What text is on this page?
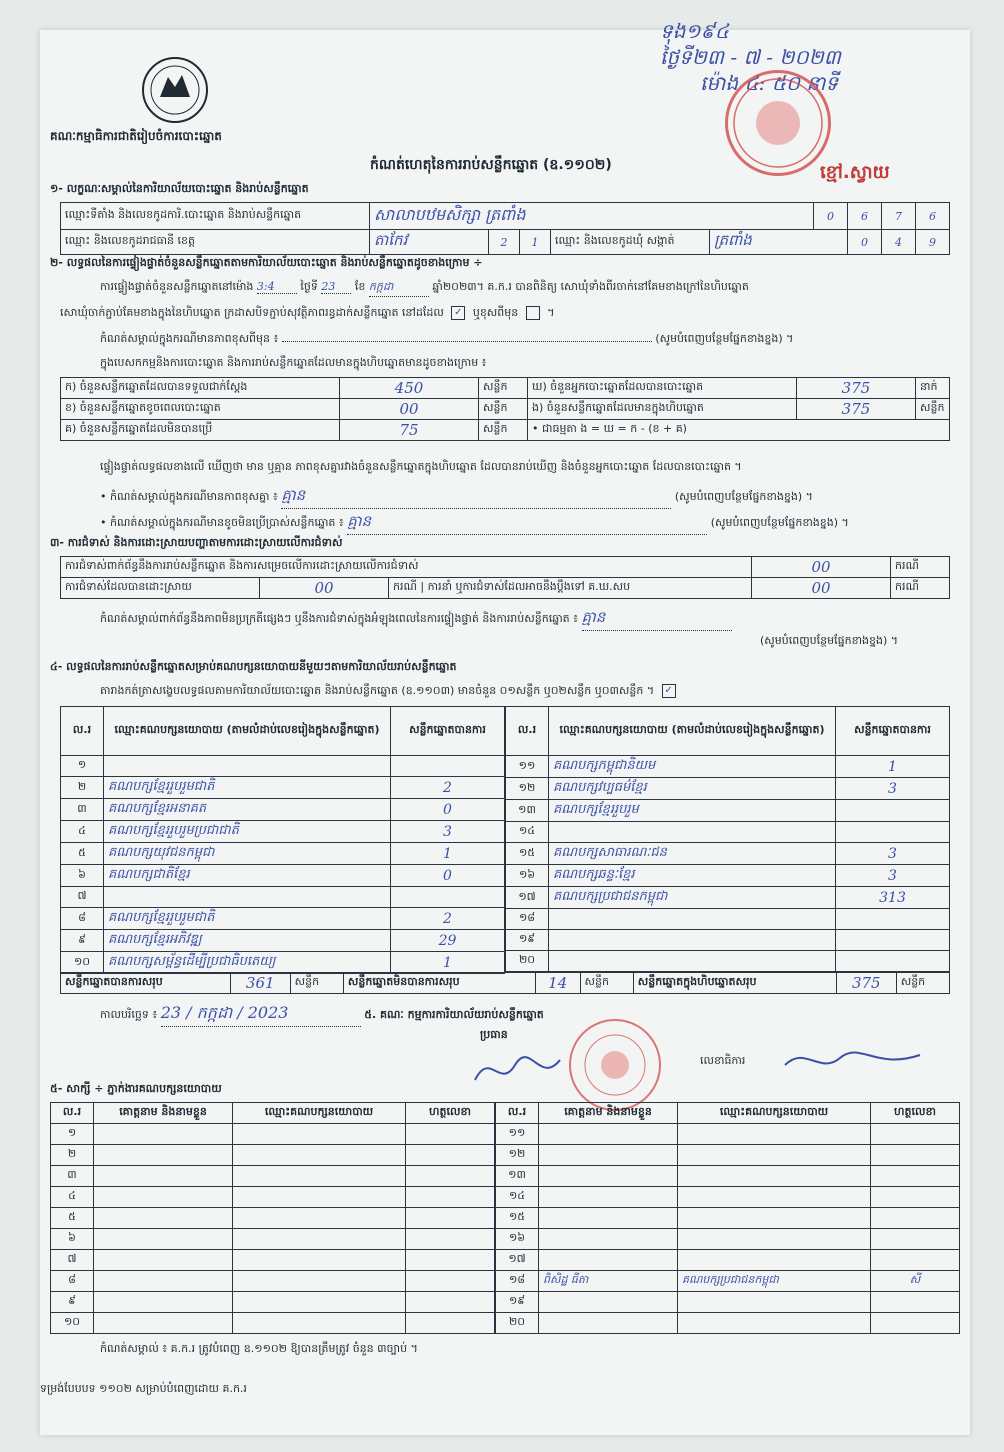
គណៈកម្មាធិការជាតិរៀបចំការបោះឆ្នោត
ទុង១៩៤
ថ្ងៃទី២៣ - ៧ - ២០២៣
ម៉ោង ៤: ៥០ នាទី
ខ្មៅ.ស្វាយ
កំណត់ហេតុនៃការរាប់សន្លឹកឆ្នោត (ឧ.១១០២)
១- លក្ខណៈសម្គាល់នៃការិយាល័យបោះឆ្នោត និងរាប់សន្លឹកឆ្នោត
ឈ្មោះទីតាំង និងលេខកូដការិ.បោះឆ្នោត និងរាប់សន្លឹកឆ្នោត	សាលាបឋមសិក្សា ត្រពាំង					0	6	7	6
ឈ្មោះ និងលេខកូដរាជធានី ខេត្ត	តាកែវ	2	1	ឈ្មោះ និងលេខកូដឃុំ សង្កាត់	ត្រពាំង		0	4	9
២- លទ្ធផលនៃការផ្ទៀងផ្ទាត់ចំនួនសន្លឹកឆ្នោតតាមការិយាល័យបោះឆ្នោត និងរាប់សន្លឹកឆ្នោតដូចខាងក្រោម ÷
ការផ្ទៀងផ្ទាត់ចំនួនសន្លឹកឆ្នោតនៅម៉ោង 3:4 ថ្ងៃទី 23 ខែ កក្កដា	ឆ្នាំ២០២៣។ គ.ក.រ បានពិនិត្យ សោឃុំទាំងពីរចាក់នៅគែមខាងក្រៅនៃហិបឆ្នោត
សោឃុំចាក់ភ្ជាប់គែមខាងក្នុងនៃហិបឆ្នោត ក្រដាសបិទភ្ជាប់សុវត្ថិភាពរន្ធដាក់សន្លឹកឆ្នោត នៅដដែល ✓ ឬខុសពីមុន  ។
កំណត់សម្គាល់ក្នុងករណីមានភាពខុសពីមុន ៖	(សូមបំពេញបន្ថែមផ្នែកខាងខ្នង) ។
ក្នុងបេសកកម្មនិងការបោះឆ្នោត និងការរាប់សន្លឹកឆ្នោតដែលមានក្នុងហិបឆ្នោតមានដូចខាងក្រោម ៖
ក) ចំនួនសន្លឹកឆ្នោតដែលបានទទួលជាក់ស្តែង	450	សន្លឹក	ឃ) ចំនួនអ្នកបោះឆ្នោតដែលបានបោះឆ្នោត	375	នាក់
ខ) ចំនួនសន្លឹកឆ្នោតខូចពេលបោះឆ្នោត	00	សន្លឹក	ង) ចំនួនសន្លឹកឆ្នោតដែលមានក្នុងហិបឆ្នោត	375	សន្លឹក
គ) ចំនួនសន្លឹកឆ្នោតដែលមិនបានប្រើ	75	សន្លឹក	• ជាធម្មតា ង = ឃ = ក - (ខ + គ)		
ផ្ទៀងផ្ទាត់លទ្ធផលខាងលើ ឃើញថា មាន ឬគ្មាន ភាពខុសគ្នារវាងចំនួនសន្លឹកឆ្នោតក្នុងហិបឆ្នោត ដែលបានរាប់ឃើញ និងចំនួនអ្នកបោះឆ្នោត ដែលបានបោះឆ្នោត ។
• កំណត់សម្គាល់ក្នុងករណីមានភាពខុសគ្នា ៖ គ្មាន	(សូមបំពេញបន្ថែមផ្នែកខាងខ្នង) ។
• កំណត់សម្គាល់ក្នុងករណីមានខូចមិនប្រើប្រាស់សន្លឹកឆ្នោត ៖ គ្មាន	(សូមបំពេញបន្ថែមផ្នែកខាងខ្នង) ។
៣- ការជំទាស់ និងការដោះស្រាយបញ្ហាតាមការដោះស្រាយលើការជំទាស់
ការជំទាស់ពាក់ព័ន្ធនឹងការរាប់សន្លឹកឆ្នោត និងការសម្រេចលើការដោះស្រាយលើការជំទាស់			00	ករណី
ការជំទាស់ដែលបានដោះស្រាយ	00	ករណី | ការនាំ ឬការជំទាស់ដែលអាចនឹងប្ដឹងទៅ គ.ឃ.សប	00	ករណី
កំណត់សម្គាល់ពាក់ព័ន្ធនឹងភាពមិនប្រក្រតីផ្សេងៗ ឬនឹងការជំទាស់ក្នុងអំឡុងពេលនៃការផ្ទៀងផ្ទាត់ និងការរាប់សន្លឹកឆ្នោត ៖ គ្មាន
(សូមបំពេញបន្ថែមផ្នែកខាងខ្នង) ។
៤- លទ្ធផលនៃការរាប់សន្លឹកឆ្នោតសម្រាប់គណបក្សនយោបាយនីមួយៗតាមការិយាល័យរាប់សន្លឹកឆ្នោត
តារាងកត់ត្រាសង្ខេបលទ្ធផលតាមការិយាល័យបោះឆ្នោត និងរាប់សន្លឹកឆ្នោត (ឧ.១១០៣) មានចំនួន ០១សន្លឹក ឬ០២សន្លឹក ឬ០៣សន្លឹក ។ ✓
ល.រ	ឈ្មោះគណបក្សនយោបាយ (តាមលំដាប់លេខរៀងក្នុងសន្លឹកឆ្នោត)	សន្លឹកឆ្នោតបានការ
១		
២	គណបក្សខ្មែររួបរួមជាតិ	2
៣	គណបក្សខ្មែរអនាគត	0
៤	គណបក្សខ្មែររួបរួមប្រជាជាតិ	3
៥	គណបក្សយុវជនកម្ពុជា	1
៦	គណបក្សជាតិខ្មែរ	0
៧		
៨	គណបក្សខ្មែររួបរួមជាតិ	2
៩	គណបក្សខ្មែរអភិវឌ្ឍ	29
១០	គណបក្សសម្ព័ន្ធដើម្បីប្រជាធិបតេយ្យ	1
ល.រ	ឈ្មោះគណបក្សនយោបាយ (តាមលំដាប់លេខរៀងក្នុងសន្លឹកឆ្នោត)	សន្លឹកឆ្នោតបានការ
១១	គណបក្សកម្ពុជានិយម	1
១២	គណបក្សវប្បធម៌ខ្មែរ	3
១៣	គណបក្សខ្មែររួបរួម	
១៤		
១៥	គណបក្សសាធារណៈជន	3
១៦	គណបក្សឆន្ទៈខ្មែរ	3
១៧	គណបក្សប្រជាជនកម្ពុជា	313
១៨		
១៩		
២០		
សន្លឹកឆ្នោតបានការសរុប	361	សន្លឹក	សន្លឹកឆ្នោតមិនបានការសរុប	14	សន្លឹក	សន្លឹកឆ្នោតក្នុងហិបឆ្នោតសរុប	375	សន្លឹក
កាលបរិច្ឆេទ ៖ 23 / កក្កដា / 2023	៥. គណៈ កម្មការការិយាល័យរាប់សន្លឹកឆ្នោត
ប្រធាន
លេខាធិការ
៥- សាក្សី ÷ ភ្នាក់ងារគណបក្សនយោបាយ
ល.រ	គោត្តនាម និងនាមខ្លួន	ឈ្មោះគណបក្សនយោបាយ	ហត្ថលេខា
១			
២			
៣			
៤			
៥			
៦			
៧			
៨			
៩			
១០			
ល.រ	គោត្តនាម និងនាមខ្លួន	ឈ្មោះគណបក្សនយោបាយ	ហត្ថលេខា
១១			
១២			
១៣			
១៤			
១៥			
១៦			
១៧			
១៨	ពិសិដ្ឋ ធីតា	គណបក្សប្រជាជនកម្ពុជា	សី
១៩			
២០			
កំណត់សម្គាល់ ៖ គ.ក.រ ត្រូវបំពេញ ឧ.១១០២ ឱ្យបានត្រឹមត្រូវ ចំនួន ៣ច្បាប់ ។
ទម្រង់បែបបទ ១១០២ សម្រាប់បំពេញដោយ គ.ក.រ
